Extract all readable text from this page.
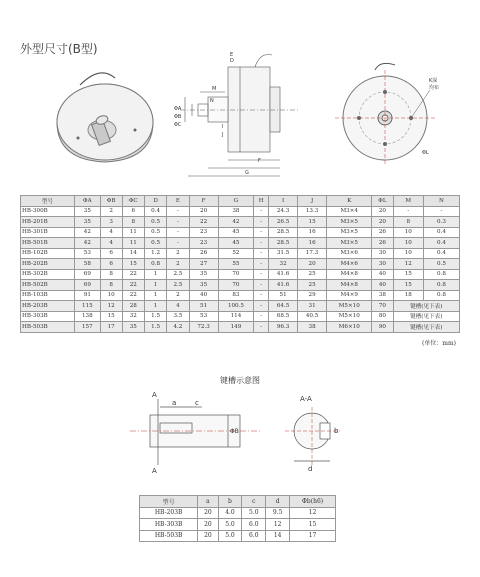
外型尺寸(B型)
ΦA
ΦB
ΦC
D
E
M
N
I
J
F
G
K深
均布
ΦL
型号	ΦA	ΦB	ΦC	D	E	F	G	H	I	J	K	ΦL	M	N
HB-300B	35	2	6	0.4	-	20	38	-	24.3	13.3	M3×4	20	-	-
HB-201B	35	3	8	0.5	-	22	42	-	26.5	15	M3×5	20	8	0.3
HB-301B	42	4	11	0.5	-	23	45	-	28.5	16	M3×5	26	10	0.4
HB-501B	42	4	11	0.5	-	23	45	-	28.5	16	M3×5	26	10	0.4
HB-102B	53	6	14	1.2	2	26	52	-	31.5	17.3	M3×6	30	10	0.4
HB-202B	58	6	15	0.8	2	27	55	-	32	20	M4×6	30	12	0.5
HB-302B	69	8	22	1	2.5	35	70	-	41.6	25	M4×8	40	15	0.8
HB-502B	69	8	22	1	2.5	35	70	-	41.6	25	M4×8	40	15	0.8
HB-103B	91	10	22	1	2	40	83	-	51	29	M4×9	38	18	0.8
HB-203B	115	12	28	1	4	51	100.5	-	64.5	31	M5×10	70	键槽(见下表)	
HB-303B	138	15	32	1.5	3.5	53	114	-	68.5	40.5	M5×10	80	键槽(见下表)	
HB-503B	157	17	35	1.5	4.2	72.3	149	-	96.3	38	M6×10	90	键槽(见下表)	
(单位：mm)
键槽示意图
A
A
a	c
ΦB
A-A
b
d
型号	a	b	c	d	Φb(h6)
HB-203B	20	4.0	5.0	9.5	12
HB-303B	20	5.0	6.0	12	15
HB-503B	20	5.0	6.0	14	17
